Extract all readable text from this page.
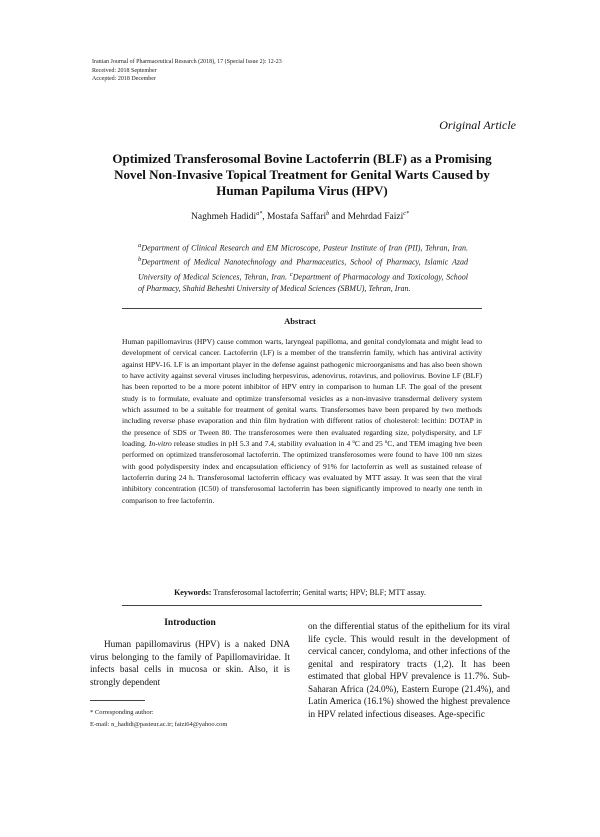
Iranian Journal of Pharmaceutical Research (2018), 17 (Special Issue 2): 12-23
Received: 2018 September
Accepted: 2018 December
Original Article
Optimized Transferosomal Bovine Lactoferrin (BLF) as a Promising Novel Non-Invasive Topical Treatment for Genital Warts Caused by Human Papiluma Virus (HPV)
Naghmeh Hadidi$^{a*}$, Mostafa Saffari$^b$ and Mehrdad Faizi$^{c*}$
$^a$Department of Clinical Research and EM Microscope, Pasteur Institute of Iran (PII), Tehran, Iran. $^b$Department of Medical Nanotechnology and Pharmaceutics, School of Pharmacy, Islamic Azad University of Medical Sciences, Tehran, Iran. $^c$Department of Pharmacology and Toxicology, School of Pharmacy, Shahid Beheshti University of Medical Sciences (SBMU), Tehran, Iran.
Abstract
Human papillomavirus (HPV) cause common warts, laryngeal papilloma, and genital condylomata and might lead to development of cervical cancer. Lactoferrin (LF) is a member of the transferrin family, which has antiviral activity against HPV-16. LF is an important player in the defense against pathogenic microorganisms and has also been shown to have activity against several viruses including herpesvirus, adenovirus, rotavirus, and poliovirus. Bovine LF (BLF) has been reported to be a more potent inhibitor of HPV entry in comparison to human LF. The goal of the present study is to formulate, evaluate and optimize transfersomal vesicles as a non-invasive transdermal delivery system which assumed to be a suitable for treatment of genital warts. Transfersomes have been prepared by two methods including reverse phase evaporation and thin film hydration with different ratios of cholesterol: lecithin: DOTAP in the presence of SDS or Tween 80. The transferosomes were then evaluated regarding size, polydispersity, and LF loading. In-vitro release studies in pH 5.3 and 7.4, stability evaluation in 4 ºC and 25 ºC, and TEM imaging hve been performed on optimized transferosomal lactoferrin. The optimized transferosomes were found to have 100 nm sizes with good polydispersity index and encapsulation efficiency of 91% for lactoferrin as well as sustained release of lactoferrin during 24 h. Transferosomal lactoferrin efficacy was evaluated by MTT assay. It was seen that the viral inhibitory concentration (IC50) of transferosomal lactoferrin has been significantly improved to nearly one tenth in comparison to free lactoferrin.
Keywords: Transferosomal lactoferrin; Genital warts; HPV; BLF; MTT assay.
Introduction

Human papillomavirus (HPV) is a naked DNA virus belonging to the family of Papillomaviridae. It infects basal cells in mucosa or skin. Also, it is strongly dependent

* Corresponding author:
E-mail: n_hadidi@pasteur.ac.ir; faizi64@yahoo.com

on the differential status of the epithelium for its viral life cycle. This would result in the development of cervical cancer, condyloma, and other infections of the genital and respiratory tracts (1,2). It has been estimated that global HPV prevalence is 11.7%. Sub-Saharan Africa (24.0%), Eastern Europe (21.4%), and Latin America (16.1%) showed the highest prevalence in HPV related infectious diseases. Age-specific
